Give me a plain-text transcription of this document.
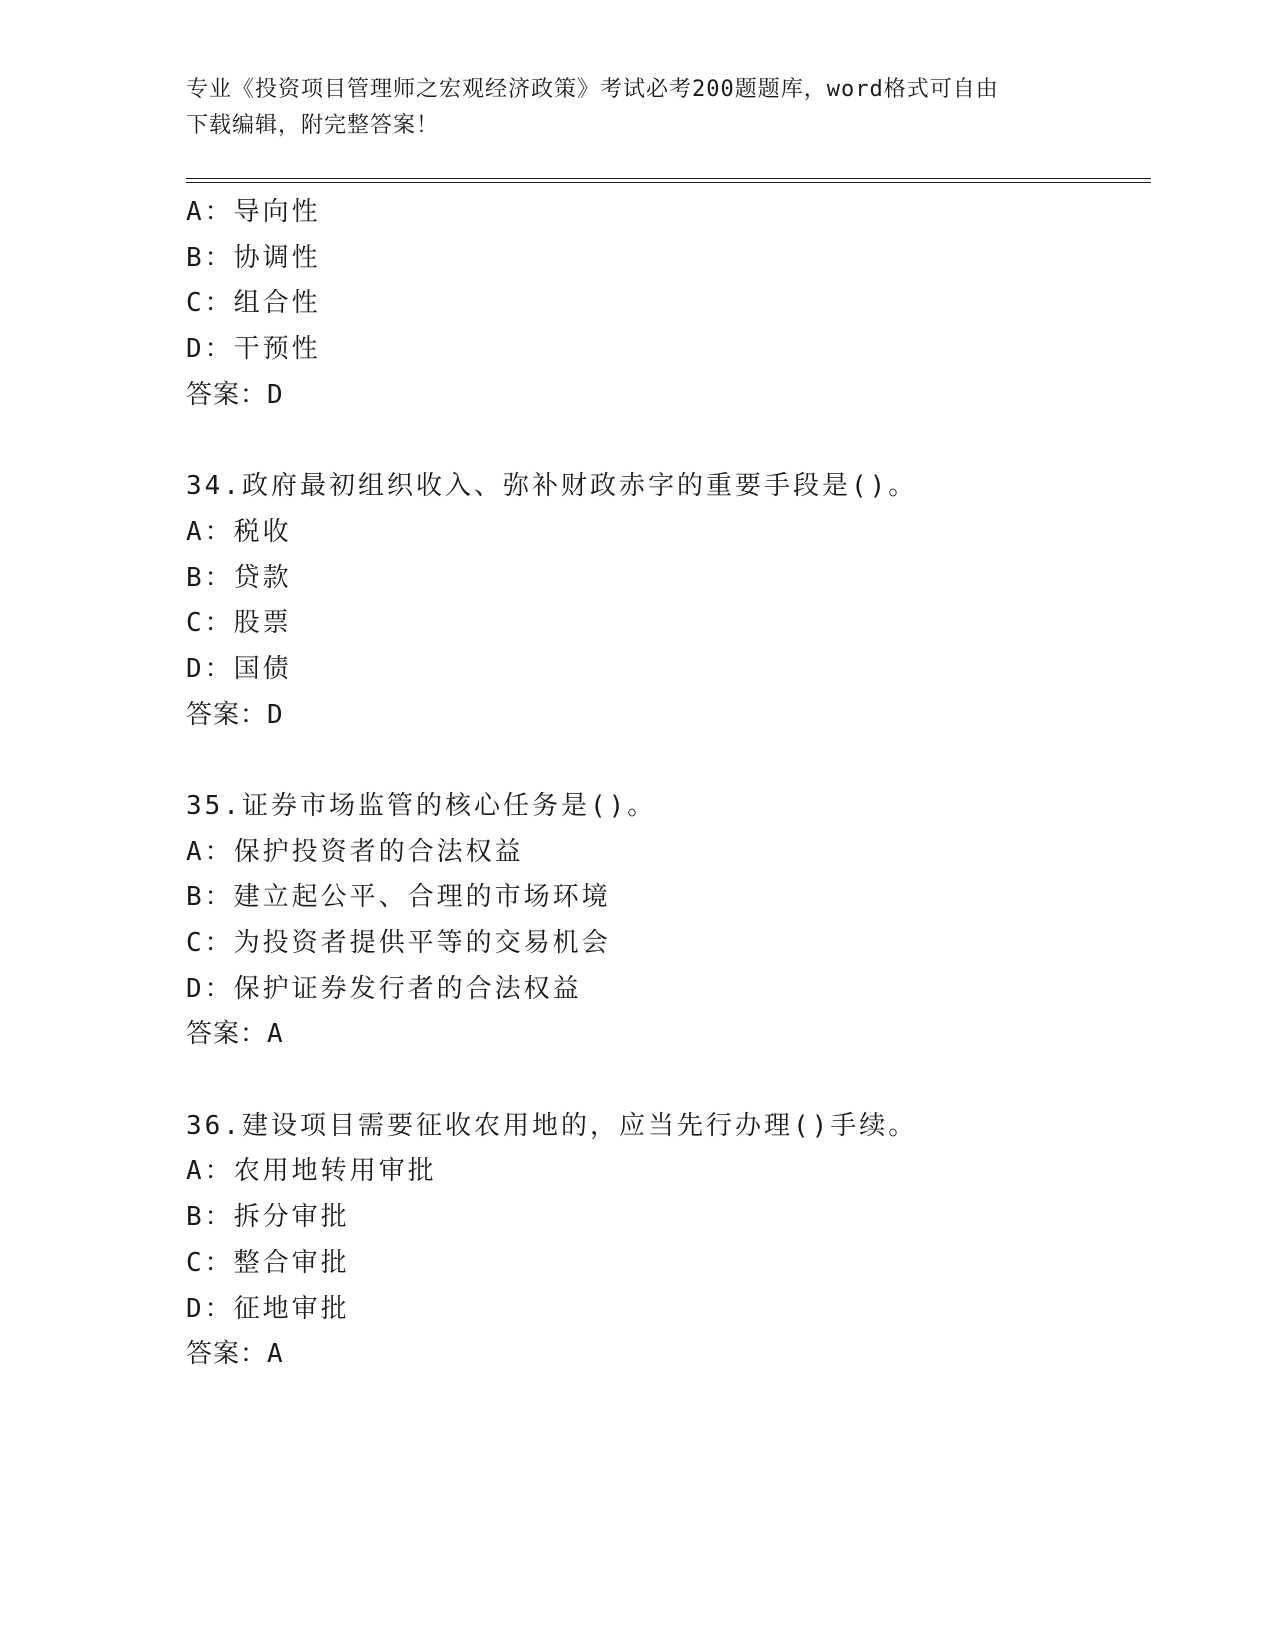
专业《投资项目管理师之宏观经济政策》考试必考200题题库，word格式可自由
下载编辑，附完整答案！
A：导向性
B：协调性
C：组合性
D：干预性
答案：D
34.政府最初组织收入、弥补财政赤字的重要手段是()。
A：税收
B：贷款
C：股票
D：国债
答案：D
35.证券市场监管的核心任务是()。
A：保护投资者的合法权益
B：建立起公平、合理的市场环境
C：为投资者提供平等的交易机会
D：保护证券发行者的合法权益
答案：A
36.建设项目需要征收农用地的，应当先行办理()手续。
A：农用地转用审批
B：拆分审批
C：整合审批
D：征地审批
答案：A
